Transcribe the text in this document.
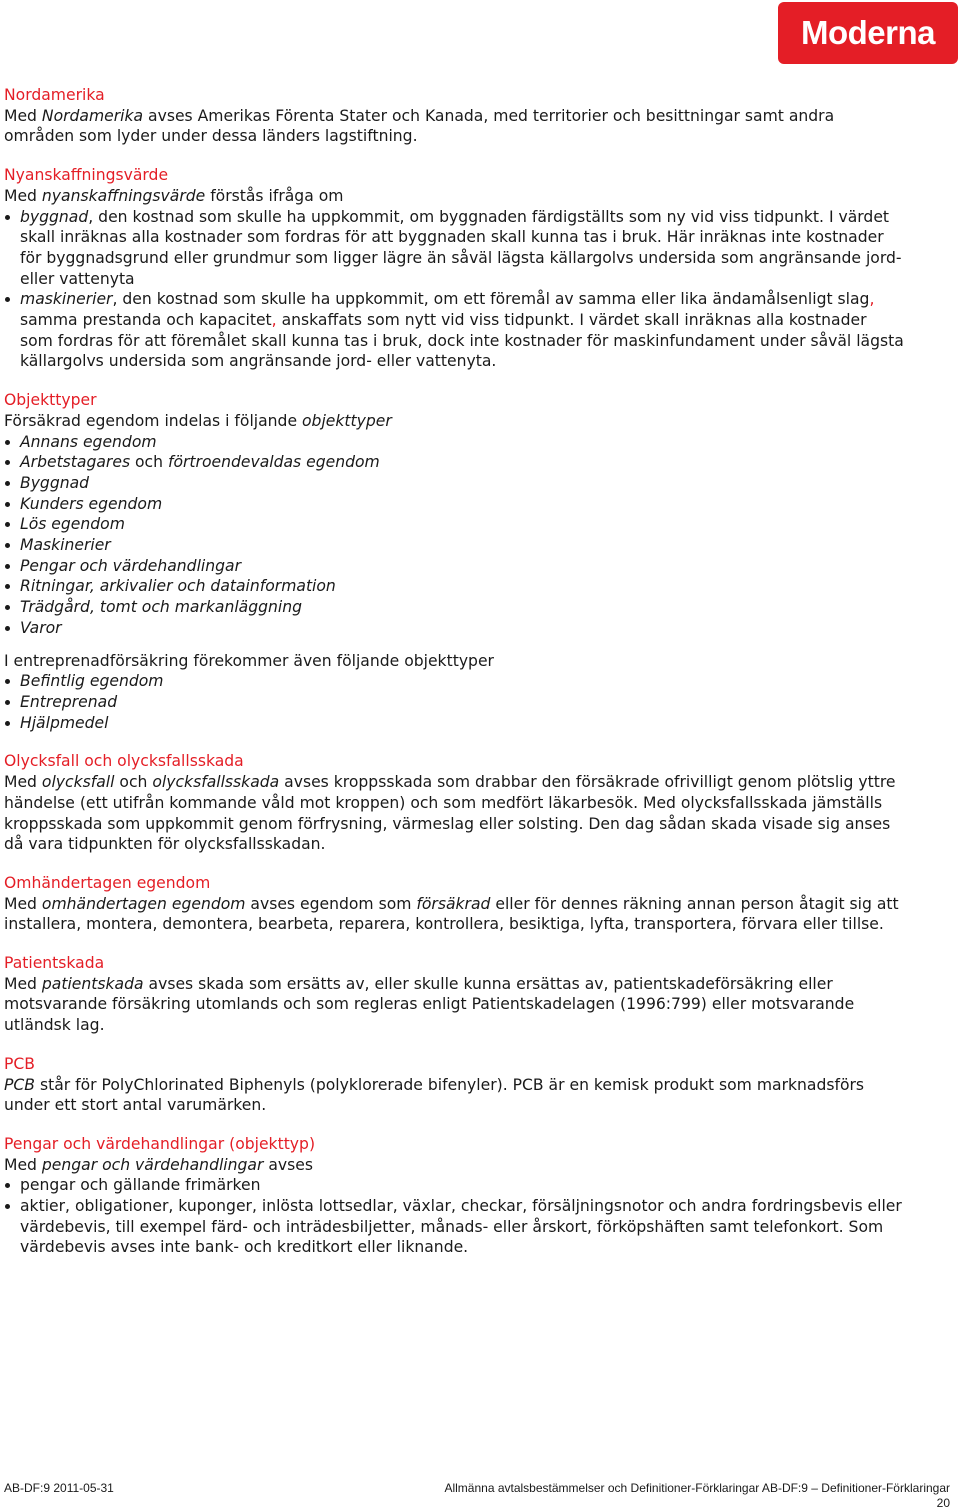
Moderna
Nordamerika

Med Nordamerika avses Amerikas Förenta Stater och Kanada, med territorier och besittningar samt andra områden som lyder under dessa länders lagstiftning.

Nyanskaffningsvärde

Med nyanskaffningsvärde förstås ifråga om

byggnad, den kostnad som skulle ha uppkommit, om byggnaden färdigställts som ny vid viss tidpunkt. I värdet skall inräknas alla kostnader som fordras för att byggnaden skall kunna tas i bruk. Här inräknas inte kostnader för byggnadsgrund eller grundmur som ligger lägre än såväl lägsta källargolvs undersida som angränsande jord- eller vattenyta
maskinerier, den kostnad som skulle ha uppkommit, om ett föremål av samma eller lika ändamålsenligt slag, samma prestanda och kapacitet, anskaffats som nytt vid viss tidpunkt. I värdet skall inräknas alla kostnader som fordras för att föremålet skall kunna tas i bruk, dock inte kostnader för maskinfundament under såväl lägsta källargolvs undersida som angränsande jord- eller vattenyta.
Objekttyper

Försäkrad egendom indelas i följande objekttyper

Annans egendom
Arbetstagares och förtroendevaldas egendom
Byggnad
Kunders egendom
Lös egendom
Maskinerier
Pengar och värdehandlingar
Ritningar, arkivalier och datainformation
Trädgård, tomt och markanläggning
Varor

I entreprenadförsäkring förekommer även följande objekttyper

Befintlig egendom
Entreprenad
Hjälpmedel
Olycksfall och olycksfallsskada

Med olycksfall och olycksfallsskada avses kroppsskada som drabbar den försäkrade ofrivilligt genom plötslig yttre händelse (ett utifrån kommande våld mot kroppen) och som medfört läkarbesök. Med olycksfallsskada jämställs kroppsskada som uppkommit genom förfrysning, värmeslag eller solsting. Den dag sådan skada visade sig anses då vara tidpunkten för olycksfallsskadan.

Omhändertagen egendom

Med omhändertagen egendom avses egendom som försäkrad eller för dennes räkning annan person åtagit sig att installera, montera, demontera, bearbeta, reparera, kontrollera, besiktiga, lyfta, transportera, förvara eller tillse.

Patientskada

Med patientskada avses skada som ersätts av, eller skulle kunna ersättas av, patientskadeförsäkring eller motsvarande försäkring utomlands och som regleras enligt Patientskadelagen (1996:799) eller motsvarande utländsk lag.

PCB

PCB står för PolyChlorinated Biphenyls (polyklorerade bifenyler). PCB är en kemisk produkt som marknadsförs under ett stort antal varumärken.

Pengar och värdehandlingar (objekttyp)

Med pengar och värdehandlingar avses

pengar och gällande frimärken
aktier, obligationer, kuponger, inlösta lottsedlar, växlar, checkar, försäljningsnotor och andra fordringsbevis eller värdebevis, till exempel färd- och inträdesbiljetter, månads- eller årskort, förköpshäften samt telefonkort. Som värdebevis avses inte bank- och kreditkort eller liknande.
AB-DF:9 2011-05-31	Allmänna avtalsbestämmelser och Definitioner-Förklaringar AB-DF:9 – Definitioner-Förklaringar
20
